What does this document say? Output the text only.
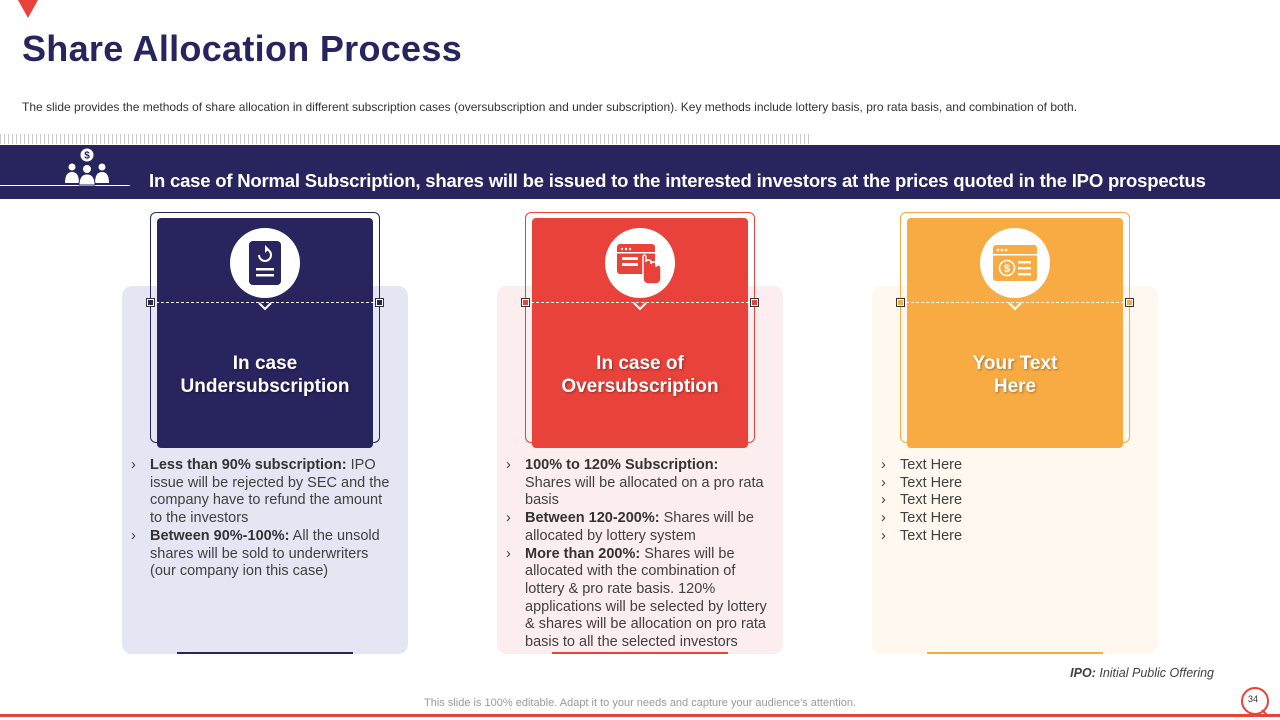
Share Allocation Process
The slide provides the methods of share allocation in different subscription cases (oversubscription and under subscription). Key methods include lottery basis, pro rata basis, and combination of both.
$
In case of Normal Subscription, shares will be issued to the interested investors at the prices quoted in the IPO prospectus
In case
Undersubscription
› Less than 90% subscription: IPO issue will be rejected by SEC and the company have to refund the amount to the investors
› Between 90%-100%: All the unsold shares will be sold to underwriters (our company ion this case)
In case of
Oversubscription
› 100% to 120% Subscription: Shares will be allocated on a pro rata basis
› Between 120-200%: Shares will be allocated by lottery system
› More than 200%: Shares will be allocated with the combination of lottery & pro rate basis. 120% applications will be selected by lottery & shares will be allocation on pro rata basis to all the selected investors
$
Your Text
Here
› Text Here
› Text Here
› Text Here
› Text Here
› Text Here
IPO: Initial Public Offering
This slide is 100% editable. Adapt it to your needs and capture your audience's attention.	34
